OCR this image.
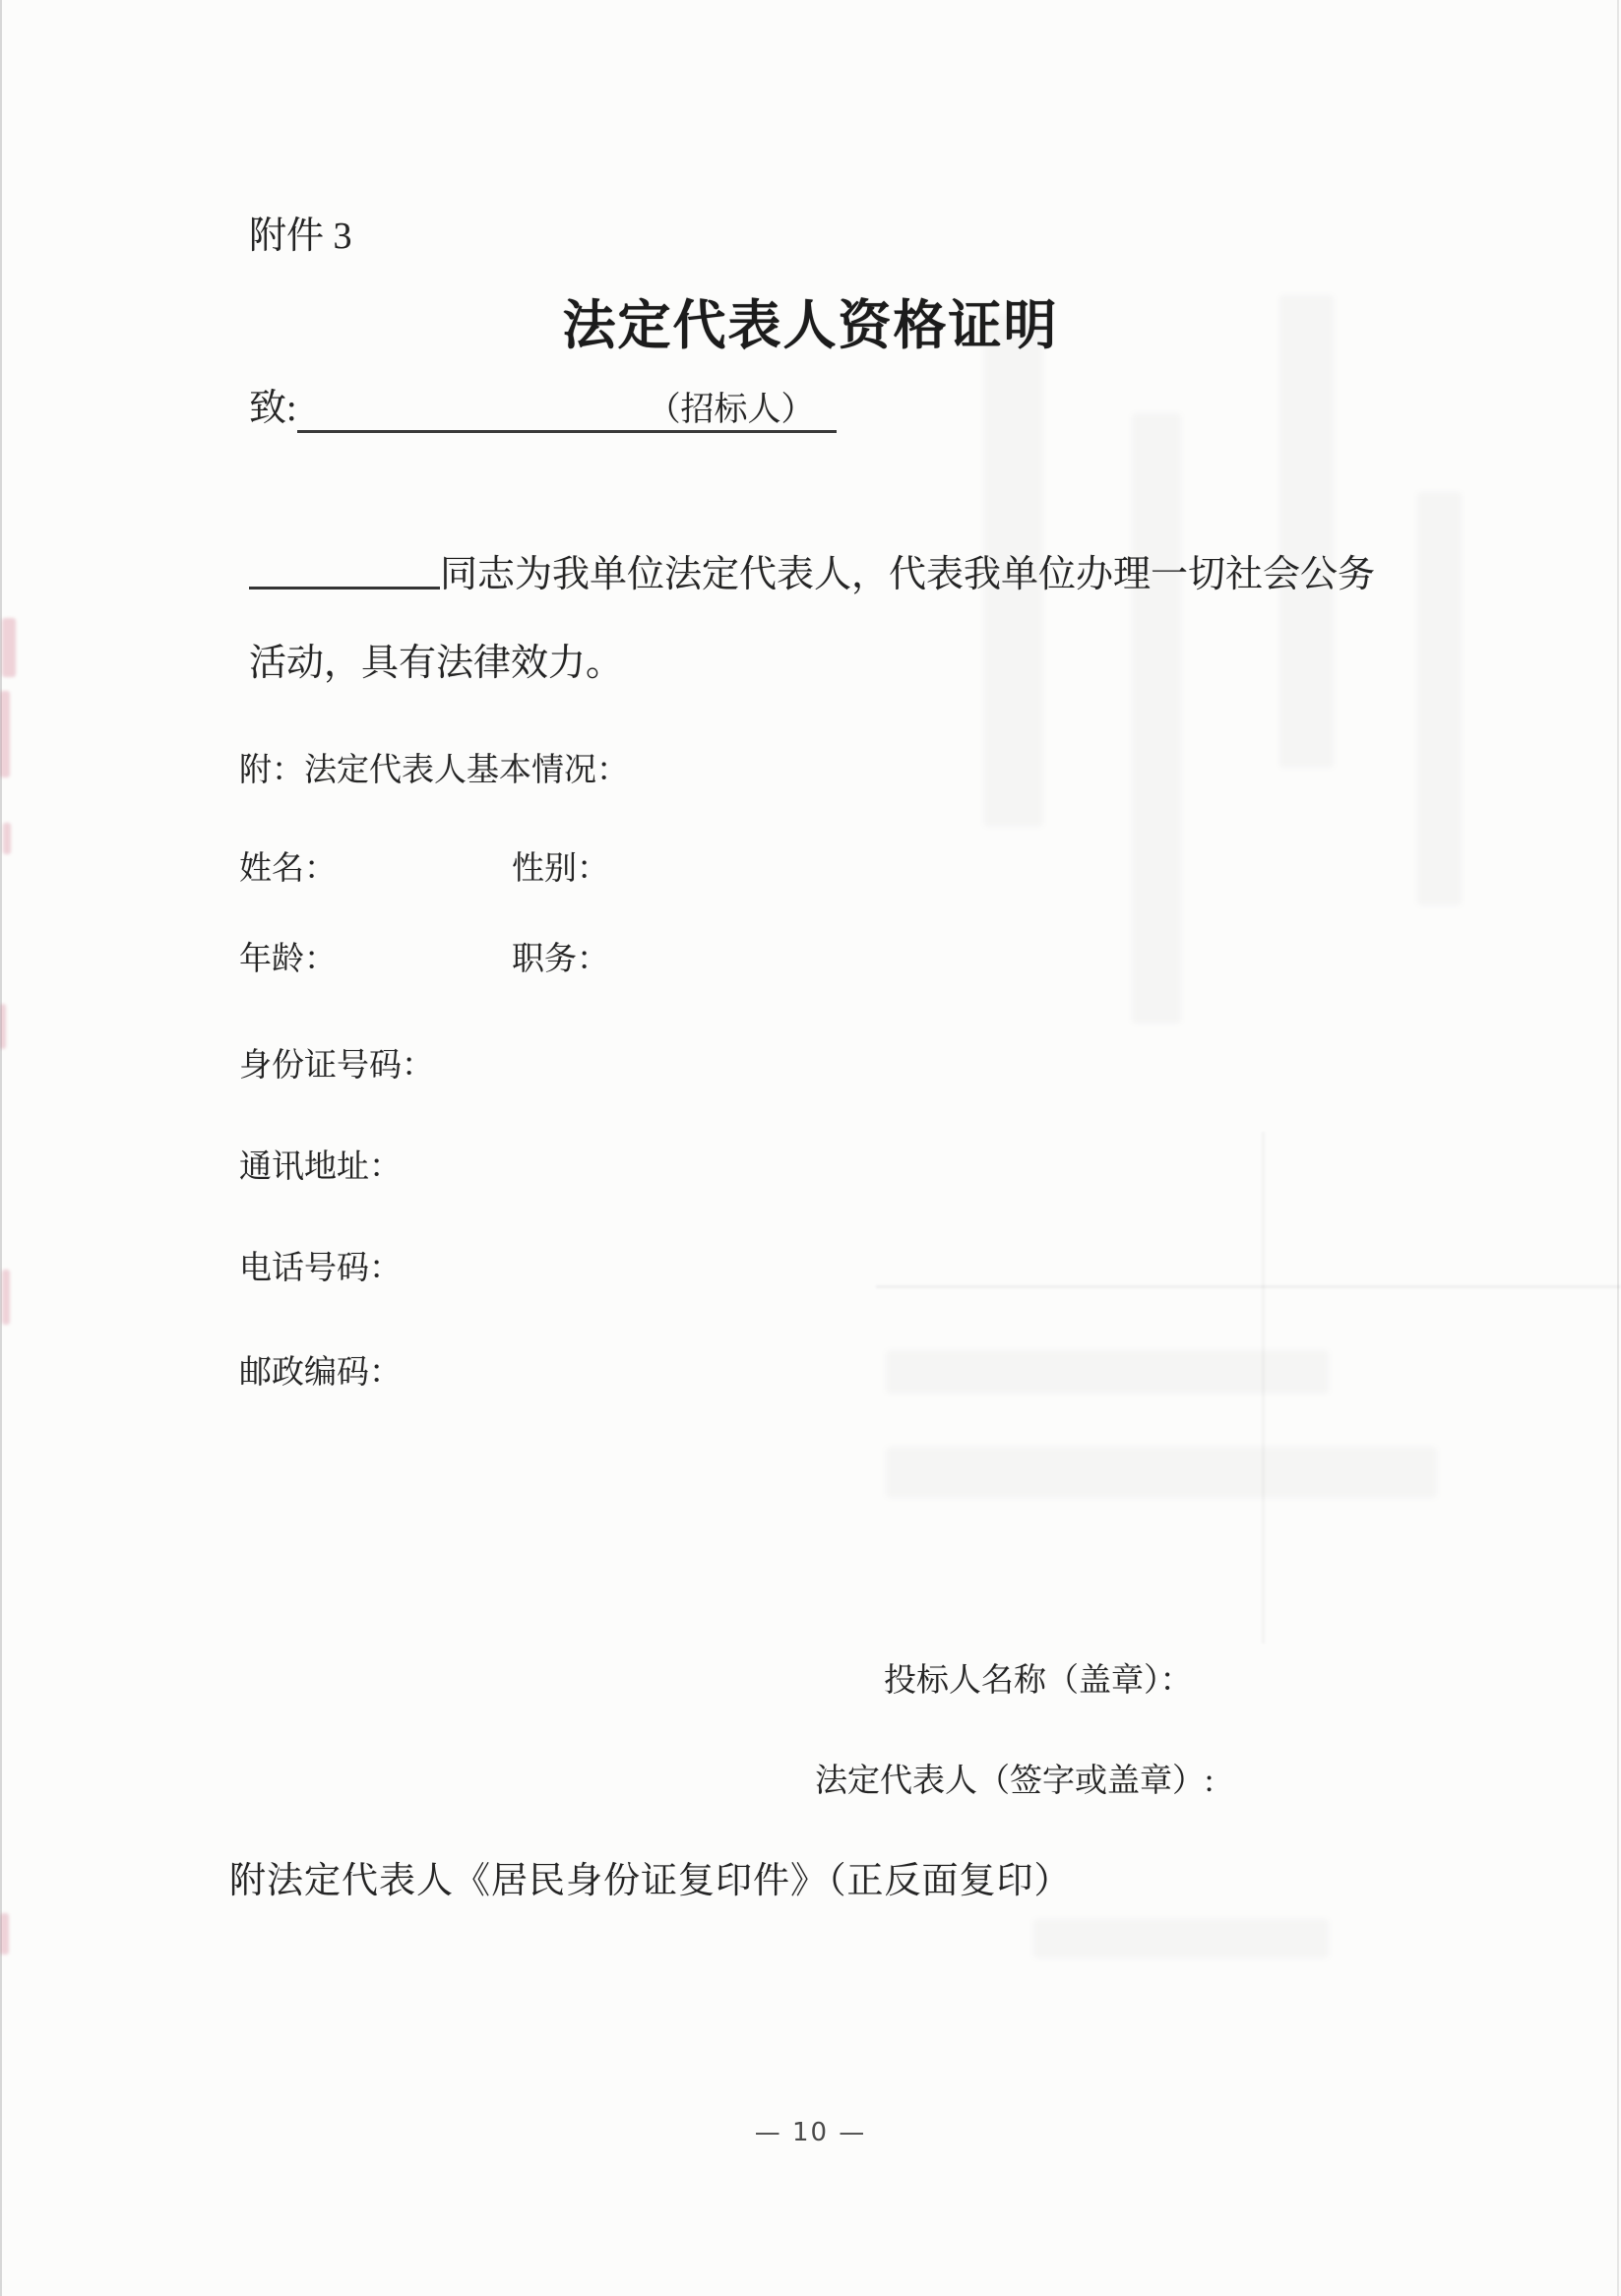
附件 3
法定代表人资格证明
致:	（招标人）
同志为我单位法定代表人，代表我单位办理一切社会公务
活动，具有法律效力。
附：法定代表人基本情况：
姓名：	性别：
年龄：	职务：
身份证号码：
通讯地址：
电话号码：
邮政编码：
投标人名称（盖章）：
法定代表人（签字或盖章）:
附法定代表人《居民身份证复印件》（正反面复印）
— 10 —
